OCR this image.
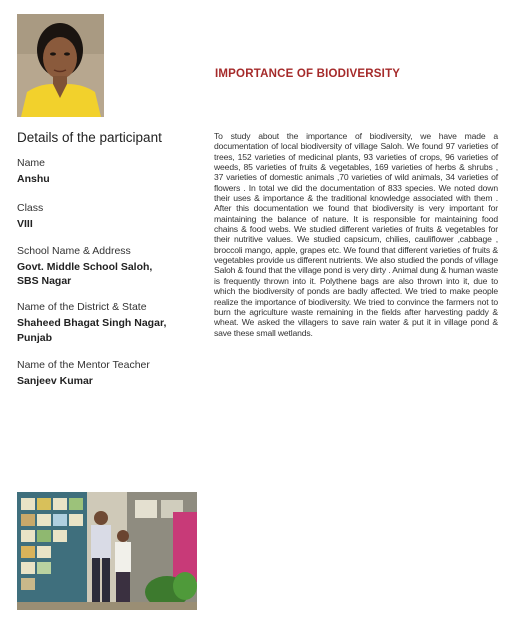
Details of the participant
Name
Anshu
Class
VIII
School Name & Address
Govt. Middle School Saloh,
SBS Nagar
Name of the District & State
Shaheed Bhagat Singh Nagar,
Punjab
Name of the Mentor Teacher
Sanjeev Kumar
IMPORTANCE OF BIODIVERSITY
To study about the importance of biodiversity, we have made a documentation of local biodiversity of village Saloh. We found 97 varieties of trees, 152 varieties of medicinal plants, 93 varieties of crops, 96 varieties of weeds, 85 varieties of fruits & vegetables, 169 varieties of herbs & shrubs , 37 varieties of domestic animals ,70 varieties of wild animals, 34 varieties of flowers . In total we did the documentation of 833 species. We noted down their uses & importance & the traditional knowledge associated with them . After this documentation we found that biodiversity is very important for maintaining the balance of nature. It is responsible for maintaining food chains & food webs. We studied different varieties of fruits & vegetables for their nutritive values. We studied capsicum, chilies, cauliflower ,cabbage , broccoli mango, apple, grapes etc. We found that different varieties of fruits & vegetables provide us different nutrients. We also studied the ponds of village Saloh & found that the village pond is very dirty . Animal dung & human waste is frequently thrown into it. Polythene bags are also thrown into it, due to which the biodiversity of ponds are badly affected. We tried to make people realize the importance of biodiversity. We tried to convince the farmers not to burn the agriculture waste remaining in the fields after harvesting paddy & wheat. We asked the villagers to save rain water & put it in village pond & save these small wetlands.
